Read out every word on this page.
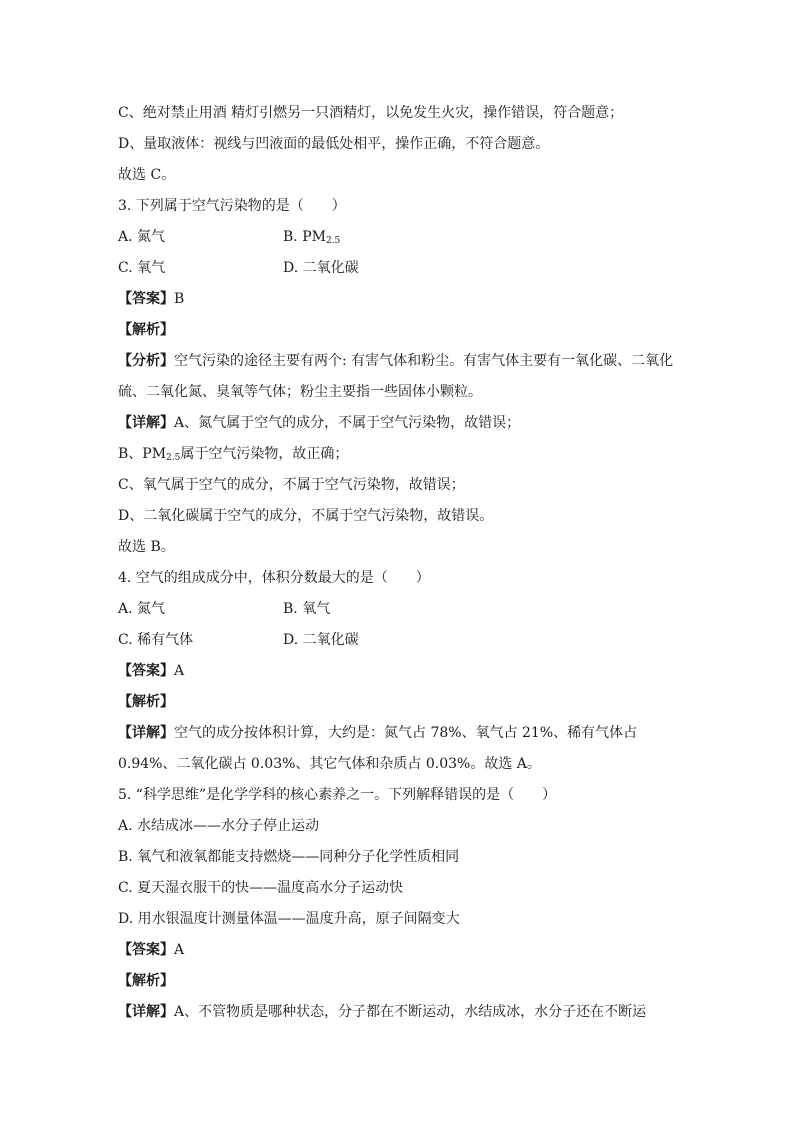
C、绝对禁止用酒 精灯引燃另一只酒精灯，以免发生火灾，操作错误，符合题意；
D、量取液体：视线与凹液面的最低处相平，操作正确，不符合题意。
故选 C。
3. 下列属于空气污染物的是（　　）
A. 氮气	B. $PM_{2.5}$
C. 氧气	D. 二氧化碳
【答案】B
【解析】
【分析】空气污染的途径主要有两个: 有害气体和粉尘。有害气体主要有一氧化碳、二氧化
硫、二氧化氮、臭氧等气体；粉尘主要指一些固体小颗粒。
【详解】A、氮气属于空气的成分，不属于空气污染物，故错误；
B、$PM_{2.5}$属于空气污染物，故正确；
C、氧气属于空气的成分，不属于空气污染物，故错误；
D、二氧化碳属于空气的成分，不属于空气污染物，故错误。
故选 B。
4. 空气的组成成分中，体积分数最大的是（　　）
A. 氮气	B. 氧气
C. 稀有气体	D. 二氧化碳
【答案】A
【解析】
【详解】空气的成分按体积计算，大约是：氮气占 78%、氧气占 21%、稀有气体占
0.94%、二氧化碳占 0.03%、其它气体和杂质占 0.03%。故选 A。
5. “科学思维”是化学学科的核心素养之一。下列解释错误的是（　　）
A. 水结成冰——水分子停止运动
B. 氧气和液氧都能支持燃烧——同种分子化学性质相同
C. 夏天湿衣服干的快——温度高水分子运动快
D. 用水银温度计测量体温——温度升高，原子间隔变大
【答案】A
【解析】
【详解】A、不管物质是哪种状态，分子都在不断运动，水结成冰，水分子还在不断运
